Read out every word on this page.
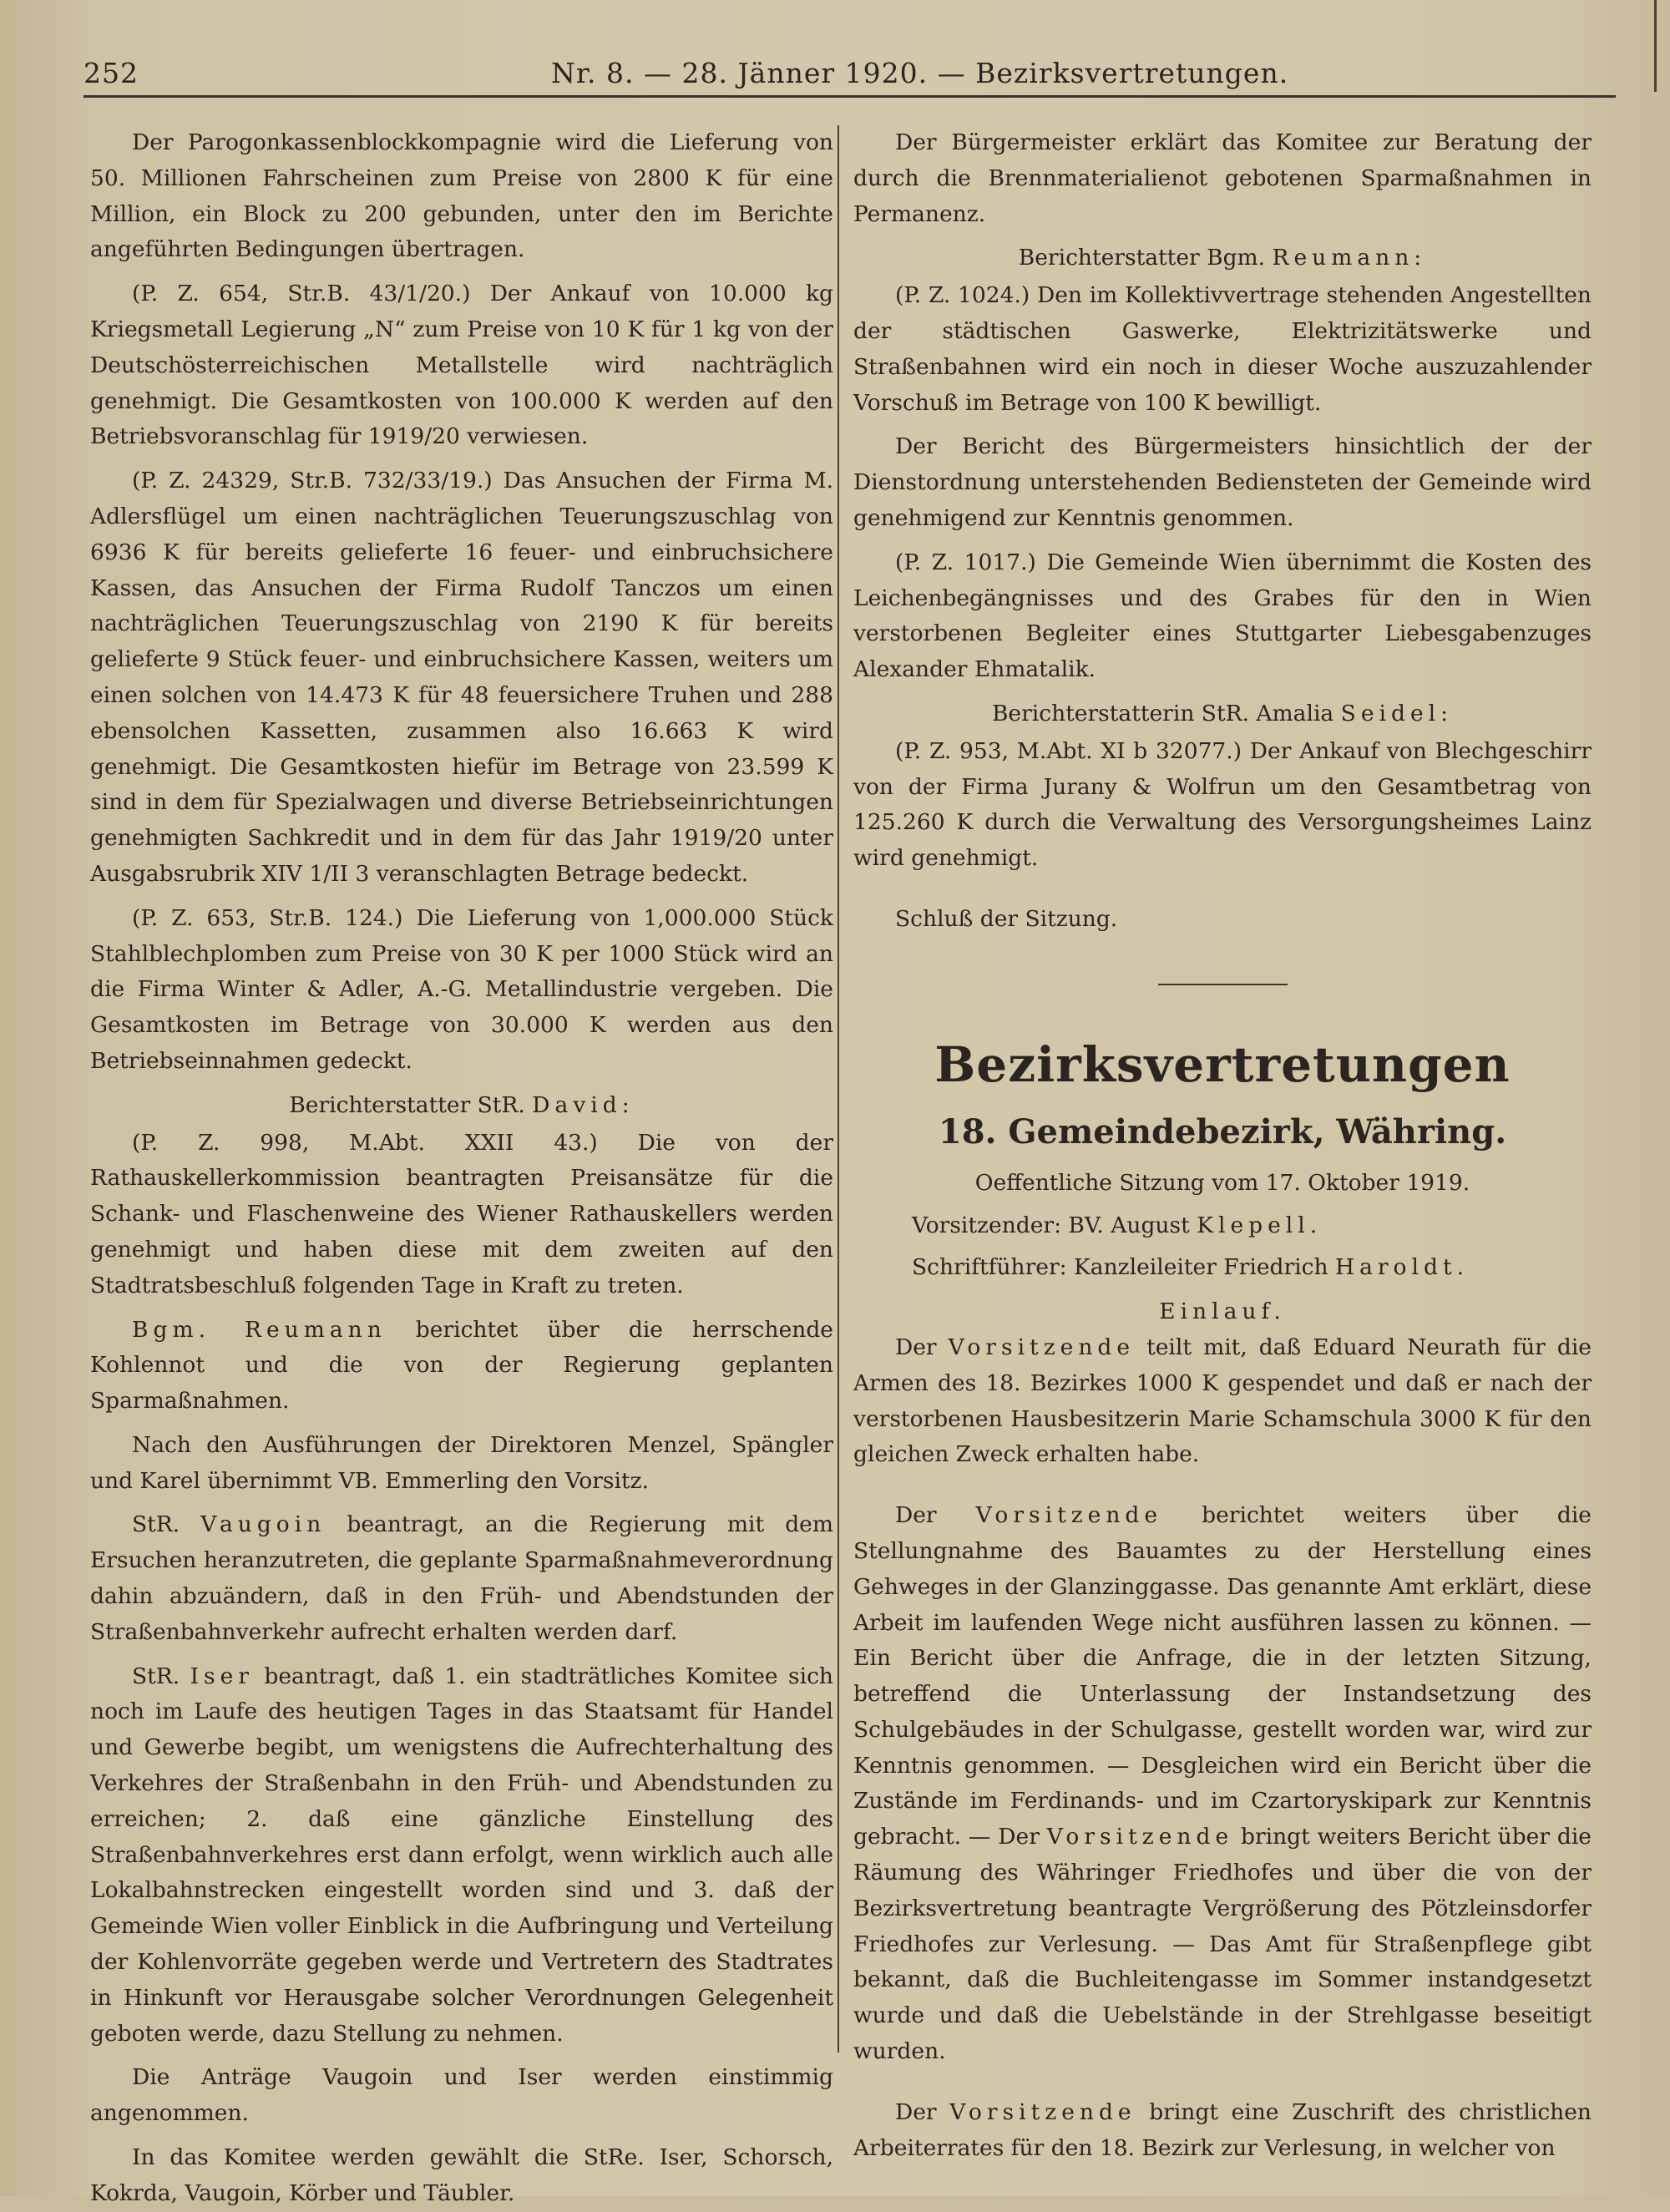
252	Nr. 8. — 28. Jänner 1920. — Bezirksvertretungen.

Der Parogonkassenblockkompagnie wird die Lieferung von 50. Millionen Fahrscheinen zum Preise von 2800 K für eine Million, ein Block zu 200 gebunden, unter den im Berichte angeführten Bedingungen übertragen.

(P. Z. 654, Str.B. 43/1/20.) Der Ankauf von 10.000 kg Kriegsmetall Legierung „N“ zum Preise von 10 K für 1 kg von der Deutschösterreichischen Metallstelle wird nachträglich genehmigt. Die Gesamtkosten von 100.000 K werden auf den Betriebsvoranschlag für 1919/20 verwiesen.

(P. Z. 24329, Str.B. 732/33/19.) Das Ansuchen der Firma M. Adlersflügel um einen nachträglichen Teuerungszuschlag von 6936 K für bereits gelieferte 16 feuer- und einbruchsichere Kassen, das Ansuchen der Firma Rudolf Tanczos um einen nachträglichen Teuerungszuschlag von 2190 K für bereits gelieferte 9 Stück feuer- und einbruchsichere Kassen, weiters um einen solchen von 14.473 K für 48 feuersichere Truhen und 288 ebensolchen Kassetten, zusammen also 16.663 K wird genehmigt. Die Gesamtkosten hiefür im Betrage von 23.599 K sind in dem für Spezialwagen und diverse Betriebseinrichtungen genehmigten Sachkredit und in dem für das Jahr 1919/20 unter Ausgabsrubrik XIV 1/II 3 veranschlagten Betrage bedeckt.

(P. Z. 653, Str.B. 124.) Die Lieferung von 1,000.000 Stück Stahlblechplomben zum Preise von 30 K per 1000 Stück wird an die Firma Winter & Adler, A.-G. Metallindustrie vergeben. Die Gesamtkosten im Betrage von 30.000 K werden aus den Betriebseinnahmen gedeckt.

Berichterstatter StR. David:

(P. Z. 998, M.Abt. XXII 43.) Die von der Rathauskellerkommission beantragten Preisansätze für die Schank- und Flaschenweine des Wiener Rathauskellers werden genehmigt und haben diese mit dem zweiten auf den Stadtratsbeschluß folgenden Tage in Kraft zu treten.

Bgm. Reumann berichtet über die herrschende Kohlennot und die von der Regierung geplanten Sparmaßnahmen.

Nach den Ausführungen der Direktoren Menzel, Spängler und Karel übernimmt VB. Emmerling den Vorsitz.

StR. Vaugoin beantragt, an die Regierung mit dem Ersuchen heranzutreten, die geplante Sparmaßnahmeverordnung dahin abzuändern, daß in den Früh- und Abendstunden der Straßenbahnverkehr aufrecht erhalten werden darf.

StR. Iser beantragt, daß 1. ein stadträtliches Komitee sich noch im Laufe des heutigen Tages in das Staatsamt für Handel und Gewerbe begibt, um wenigstens die Aufrechterhaltung des Verkehres der Straßenbahn in den Früh- und Abendstunden zu erreichen; 2. daß eine gänzliche Einstellung des Straßenbahnverkehres erst dann erfolgt, wenn wirklich auch alle Lokalbahnstrecken eingestellt worden sind und 3. daß der Gemeinde Wien voller Einblick in die Aufbringung und Verteilung der Kohlenvorräte gegeben werde und Vertretern des Stadtrates in Hinkunft vor Herausgabe solcher Verordnungen Gelegenheit geboten werde, dazu Stellung zu nehmen.

Die Anträge Vaugoin und Iser werden einstimmig angenommen.

In das Komitee werden gewählt die StRe. Iser, Schorsch, Kokrda, Vaugoin, Körber und Täubler.

Der Bürgermeister erklärt das Komitee zur Beratung der durch die Brennmaterialienot gebotenen Sparmaßnahmen in Permanenz.

Berichterstatter Bgm. Reumann:

(P. Z. 1024.) Den im Kollektivvertrage stehenden Angestellten der städtischen Gaswerke, Elektrizitätswerke und Straßenbahnen wird ein noch in dieser Woche auszuzahlender Vorschuß im Betrage von 100 K bewilligt.

Der Bericht des Bürgermeisters hinsichtlich der der Dienstordnung unterstehenden Bediensteten der Gemeinde wird genehmigend zur Kenntnis genommen.

(P. Z. 1017.) Die Gemeinde Wien übernimmt die Kosten des Leichenbegängnisses und des Grabes für den in Wien verstorbenen Begleiter eines Stuttgarter Liebesgabenzuges Alexander Ehmatalik.

Berichterstatterin StR. Amalia Seidel:

(P. Z. 953, M.Abt. XI b 32077.) Der Ankauf von Blechgeschirr von der Firma Jurany & Wolfrun um den Gesamtbetrag von 125.260 K durch die Verwaltung des Versorgungsheimes Lainz wird genehmigt.

Schluß der Sitzung.

Bezirksvertretungen
18. Gemeindebezirk, Währing.

Oeffentliche Sitzung vom 17. Oktober 1919.

Vorsitzender: BV. August Klepell.

Schriftführer: Kanzleileiter Friedrich Haroldt.

Einlauf.

Der Vorsitzende teilt mit, daß Eduard Neurath für die Armen des 18. Bezirkes 1000 K gespendet und daß er nach der verstorbenen Hausbesitzerin Marie Schamschula 3000 K für den gleichen Zweck erhalten habe.

Der Vorsitzende berichtet weiters über die Stellungnahme des Bauamtes zu der Herstellung eines Gehweges in der Glanzinggasse. Das genannte Amt erklärt, diese Arbeit im laufenden Wege nicht ausführen lassen zu können. — Ein Bericht über die Anfrage, die in der letzten Sitzung, betreffend die Unterlassung der Instandsetzung des Schulgebäudes in der Schulgasse, gestellt worden war, wird zur Kenntnis genommen. — Desgleichen wird ein Bericht über die Zustände im Ferdinands- und im Czartoryskipark zur Kenntnis gebracht. — Der Vorsitzende bringt weiters Bericht über die Räumung des Währinger Friedhofes und über die von der Bezirksvertretung beantragte Vergrößerung des Pötzleinsdorfer Friedhofes zur Verlesung. — Das Amt für Straßenpflege gibt bekannt, daß die Buchleitengasse im Sommer instandgesetzt wurde und daß die Uebelstände in der Strehlgasse beseitigt wurden.

Der Vorsitzende bringt eine Zuschrift des christlichen Arbeiterrates für den 18. Bezirk zur Verlesung, in welcher von
